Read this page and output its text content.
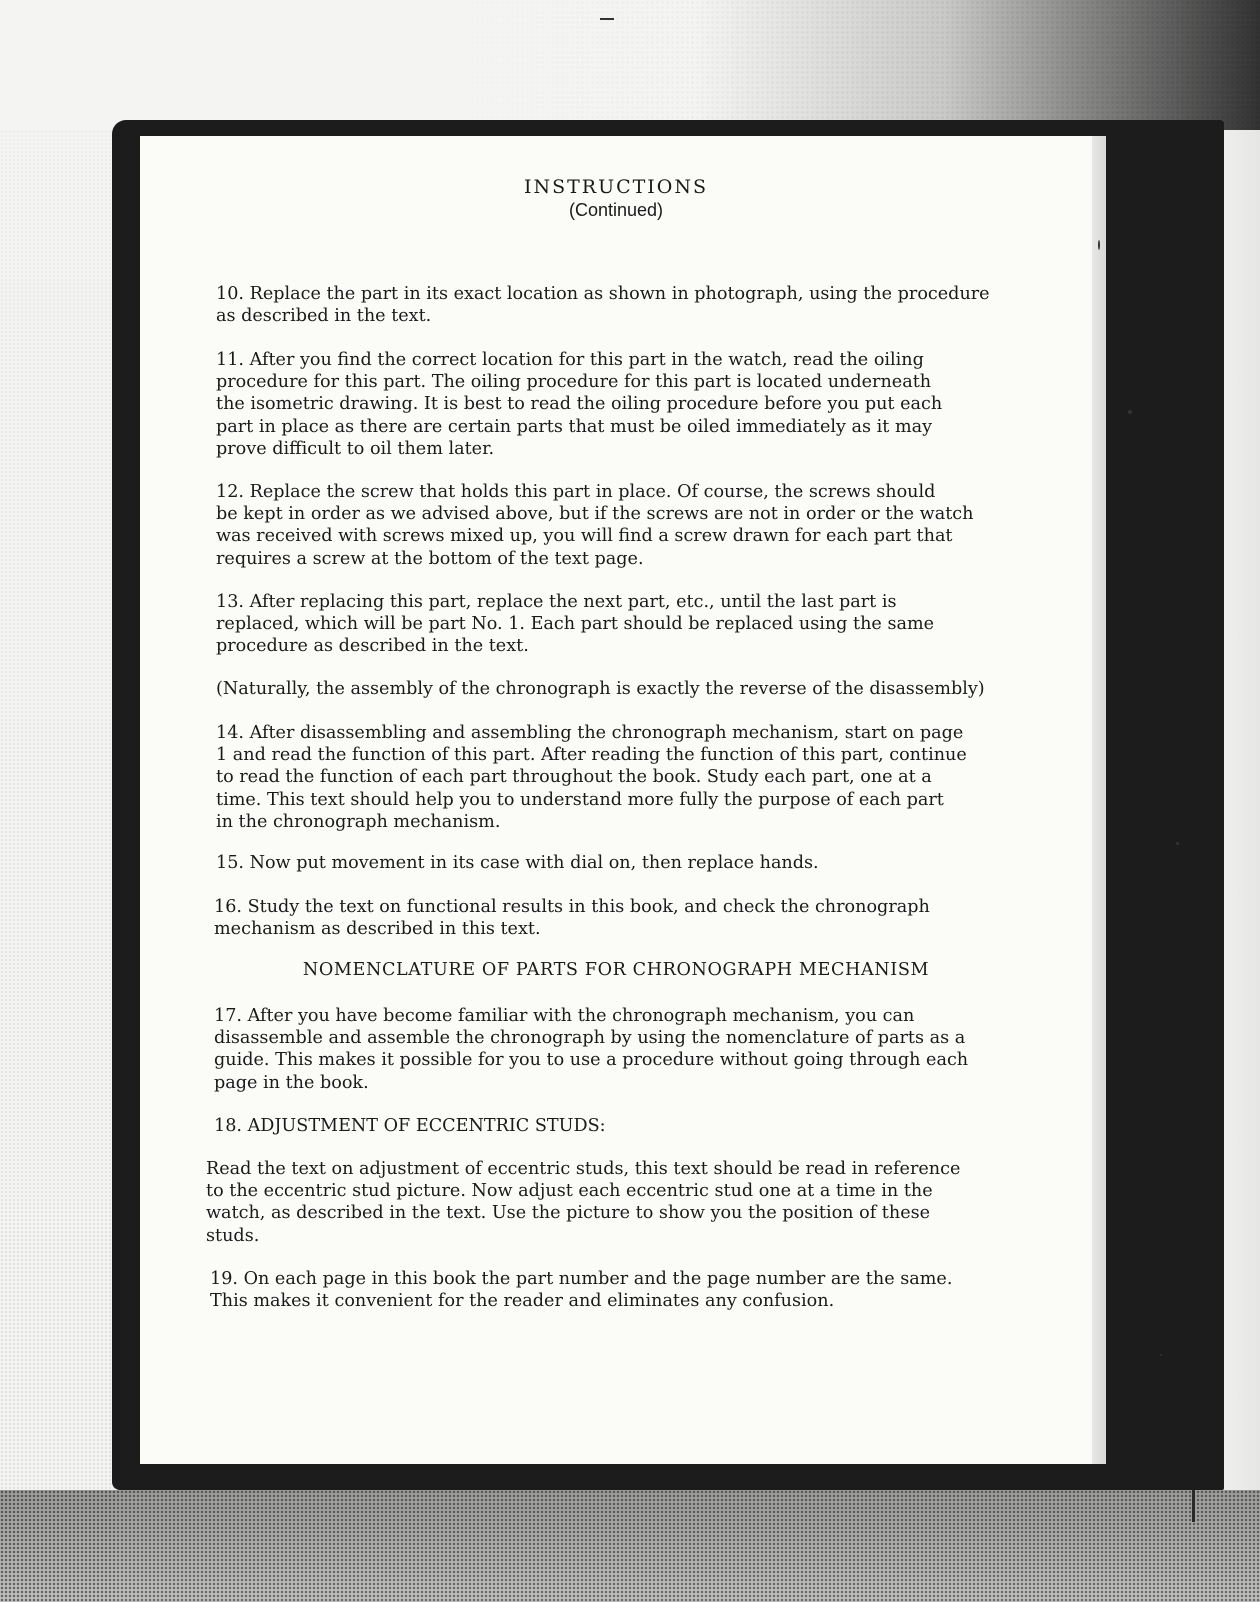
INSTRUCTIONS
(Continued)

10. Replace the part in its exact location as shown in photograph, using the procedure
as described in the text.

11. After you find the correct location for this part in the watch, read the oiling
procedure for this part. The oiling procedure for this part is located underneath
the isometric drawing. It is best to read the oiling procedure before you put each
part in place as there are certain parts that must be oiled immediately as it may
prove difficult to oil them later.

12. Replace the screw that holds this part in place. Of course, the screws should
be kept in order as we advised above, but if the screws are not in order or the watch
was received with screws mixed up, you will find a screw drawn for each part that
requires a screw at the bottom of the text page.

13. After replacing this part, replace the next part, etc., until the last part is
replaced, which will be part No. 1. Each part should be replaced using the same
procedure as described in the text.

(Naturally, the assembly of the chronograph is exactly the reverse of the disassembly)

14. After disassembling and assembling the chronograph mechanism, start on page
1 and read the function of this part. After reading the function of this part, continue
to read the function of each part throughout the book. Study each part, one at a
time. This text should help you to understand more fully the purpose of each part
in the chronograph mechanism.

15. Now put movement in its case with dial on, then replace hands.

16. Study the text on functional results in this book, and check the chronograph
mechanism as described in this text.

NOMENCLATURE OF PARTS FOR CHRONOGRAPH MECHANISM

17. After you have become familiar with the chronograph mechanism, you can
disassemble and assemble the chronograph by using the nomenclature of parts as a
guide. This makes it possible for you to use a procedure without going through each
page in the book.

18. ADJUSTMENT OF ECCENTRIC STUDS:

Read the text on adjustment of eccentric studs, this text should be read in reference
to the eccentric stud picture. Now adjust each eccentric stud one at a time in the
watch, as described in the text. Use the picture to show you the position of these
studs.

19. On each page in this book the part number and the page number are the same.
This makes it convenient for the reader and eliminates any confusion.
